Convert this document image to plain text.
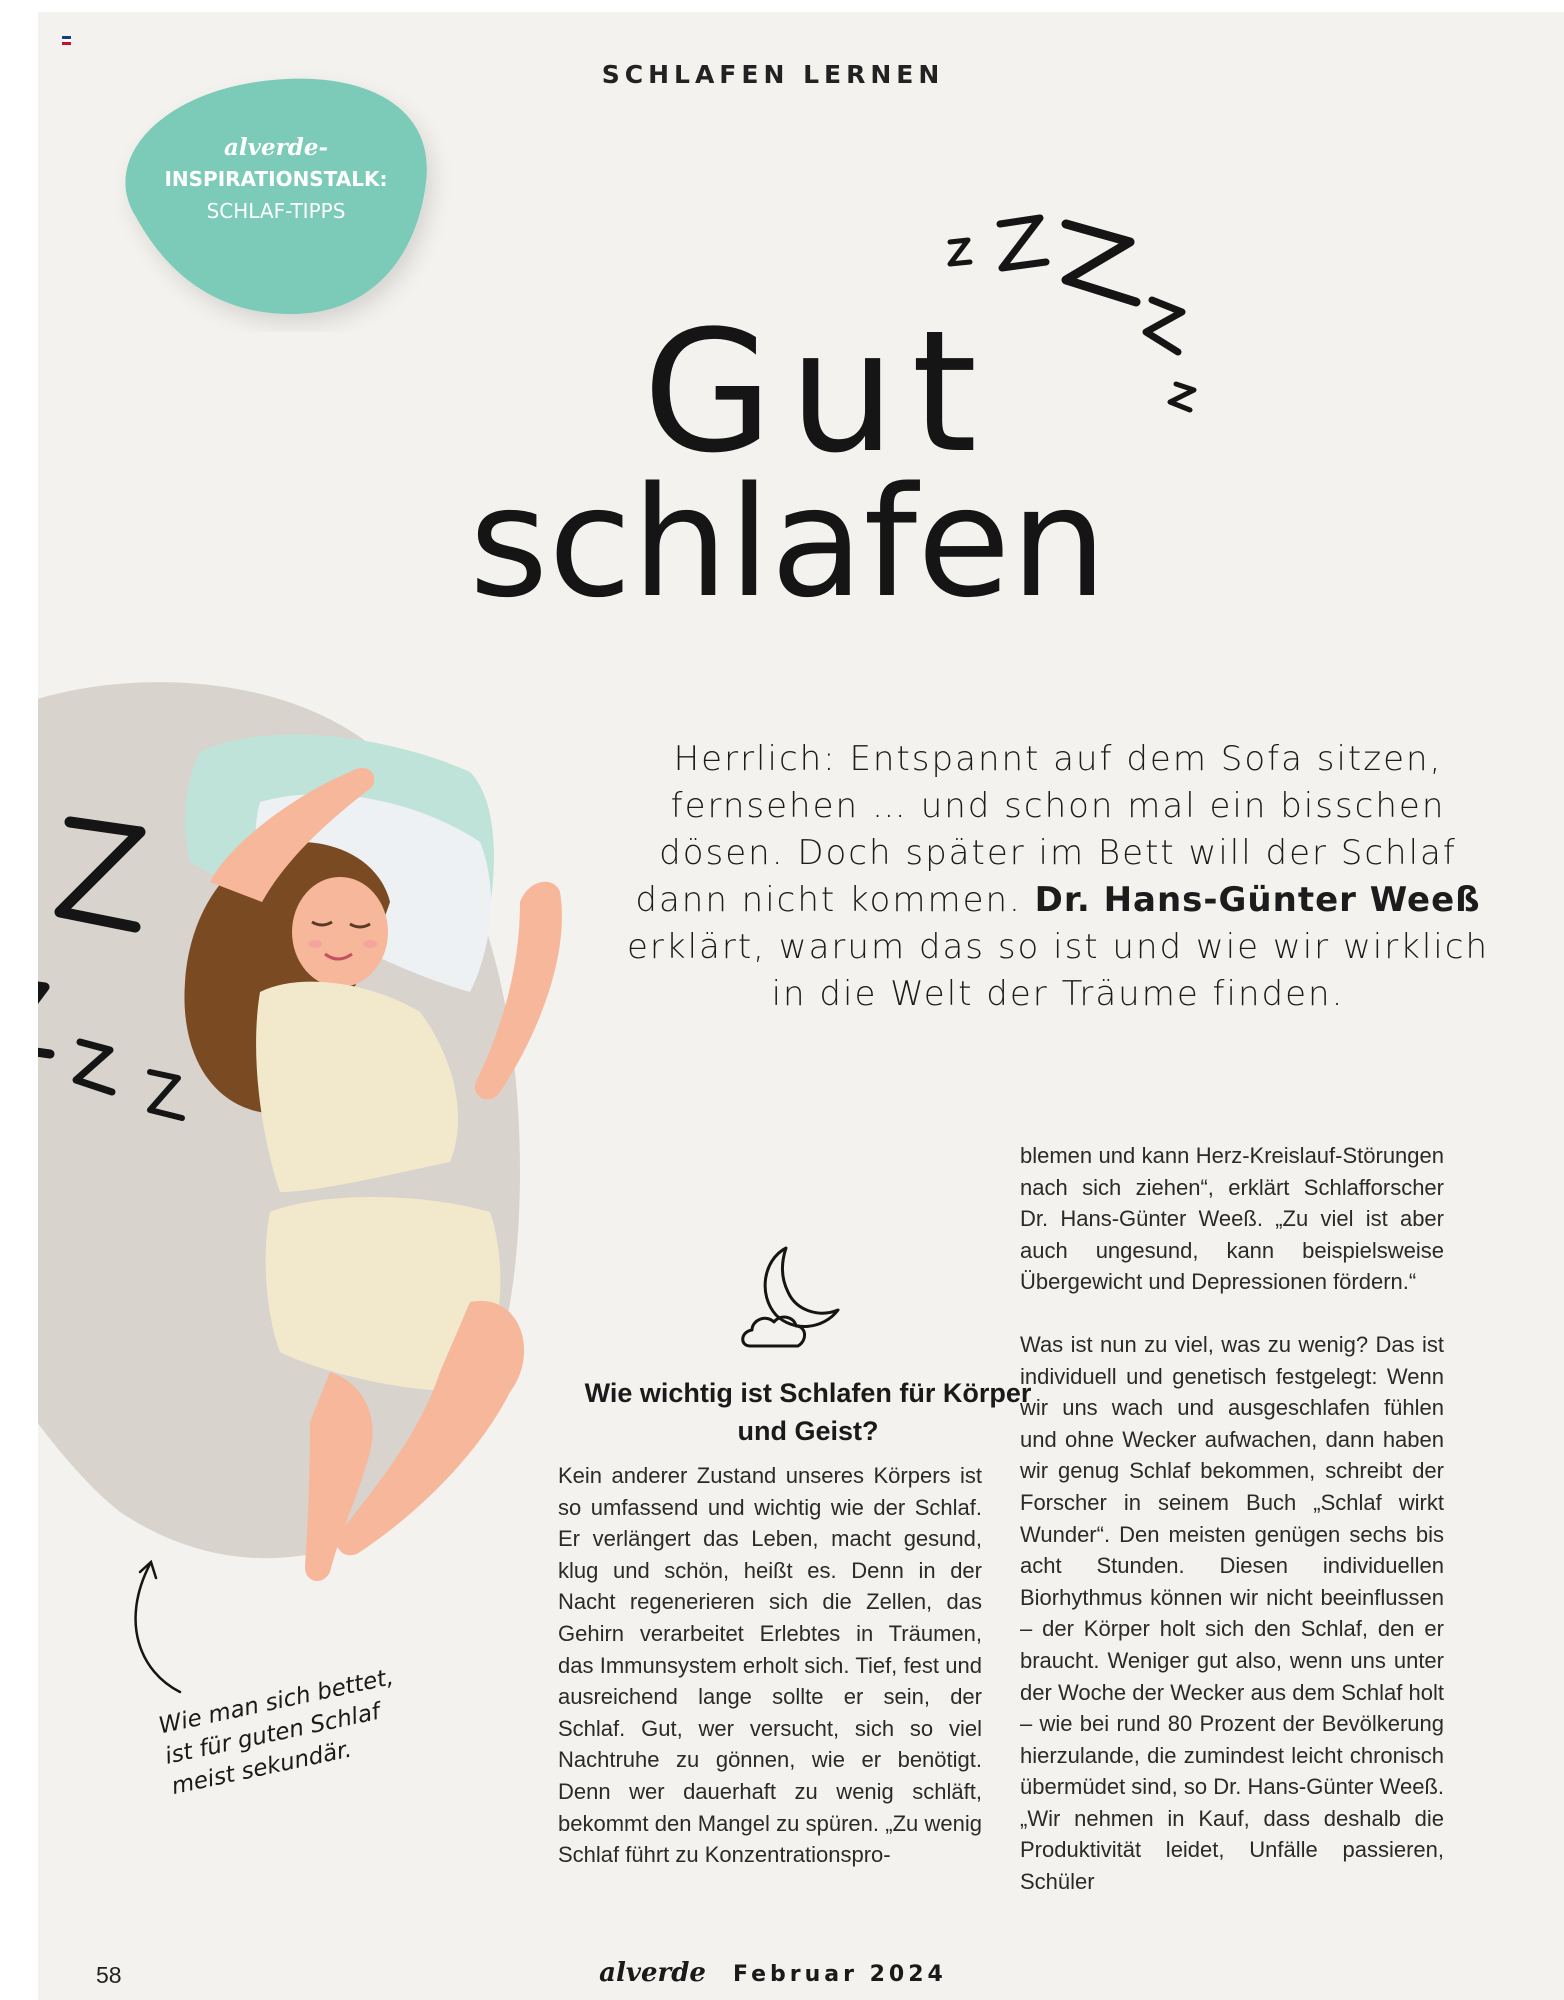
SCHLAFEN LERNEN
alverde-
INSPIRATIONSTALK:
SCHLAF-TIPPS
Gut
schlafen

Herrlich: Entspannt auf dem Sofa sitzen, fernsehen … und schon mal ein bisschen dösen. Doch später im Bett will der Schlaf dann nicht kommen. Dr. Hans-Günter Weeß erklärt, warum das so ist und wie wir wirklich in die Welt der Träume finden.

Wie wichtig ist Schlafen für Körper und Geist?

Kein anderer Zustand unseres Körpers ist so umfassend und wichtig wie der Schlaf. Er verlängert das Leben, macht gesund, klug und schön, heißt es. Denn in der Nacht regenerieren sich die Zellen, das Gehirn verarbeitet Erlebtes in Träumen, das Immunsystem erholt sich. Tief, fest und ausreichend lange sollte er sein, der Schlaf. Gut, wer versucht, sich so viel Nachtruhe zu gönnen, wie er benötigt. Denn wer dauerhaft zu wenig schläft, bekommt den Mangel zu spüren. „Zu wenig Schlaf führt zu Konzentrationspro-

blemen und kann Herz-Kreislauf-Störungen nach sich ziehen“, erklärt Schlafforscher Dr. Hans-Günter Weeß. „Zu viel ist aber auch ungesund, kann beispielsweise Übergewicht und Depressionen fördern.“

Was ist nun zu viel, was zu wenig? Das ist individuell und genetisch festgelegt: Wenn wir uns wach und ausgeschlafen fühlen und ohne Wecker aufwachen, dann haben wir genug Schlaf bekommen, schreibt der Forscher in seinem Buch „Schlaf wirkt Wunder“. Den meisten genügen sechs bis acht Stunden. Diesen individuellen Biorhythmus können wir nicht beeinflussen – der Körper holt sich den Schlaf, den er braucht. Weniger gut also, wenn uns unter der Woche der Wecker aus dem Schlaf holt – wie bei rund 80 Prozent der Bevölkerung hierzulande, die zumindest leicht chronisch übermüdet sind, so Dr. Hans-Günter Weeß. „Wir nehmen in Kauf, dass deshalb die Produktivität leidet, Unfälle passieren, Schüler

Wie man sich bettet, ist für guten Schlaf meist sekundär.
58	alverde Februar 2024
